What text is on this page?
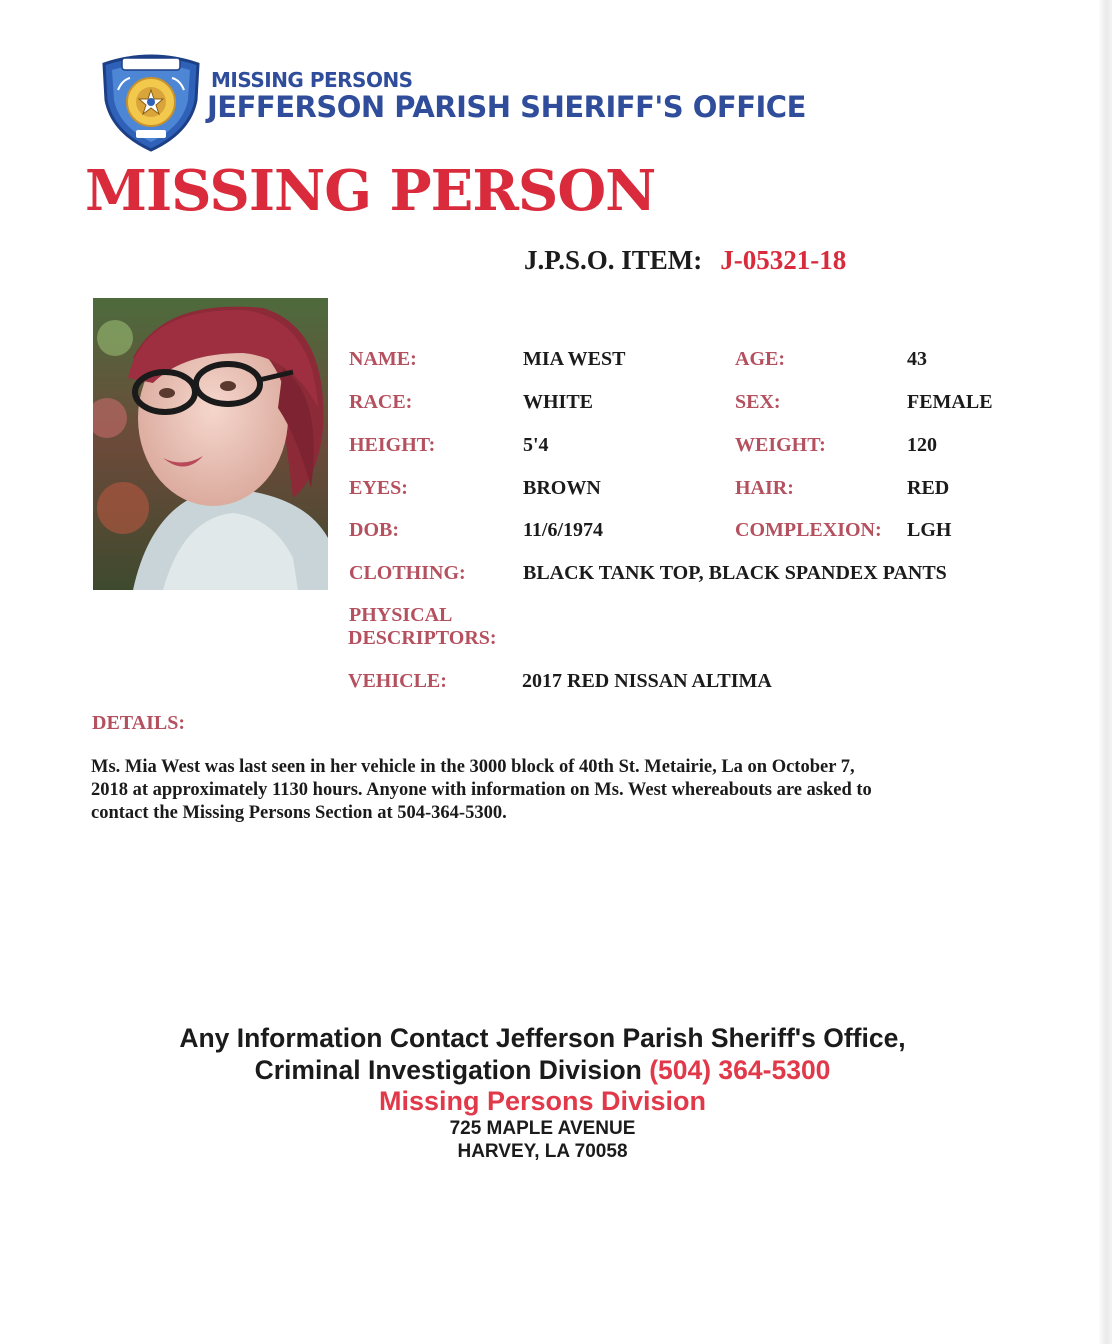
MISSING PERSONS
JEFFERSON PARISH SHERIFF'S OFFICE
MISSING PERSON
J.P.S.O. ITEM: J-05321-18
NAME:	MIA WEST	AGE:	43
RACE:	WHITE	SEX:	FEMALE
HEIGHT:	5'4	WEIGHT:	120
EYES:	BROWN	HAIR:	RED
DOB:	11/6/1974	COMPLEXION: LGH
CLOTHING:	BLACK TANK TOP, BLACK SPANDEX PANTS
PHYSICAL
DESCRIPTORS:
VEHICLE:	2017 RED NISSAN ALTIMA
DETAILS:
Ms. Mia West was last seen in her vehicle in the 3000 block of 40th St. Metairie, La on October 7,
2018 at approximately 1130 hours. Anyone with information on Ms. West whereabouts are asked to
contact the Missing Persons Section at 504-364-5300.
Any Information Contact Jefferson Parish Sheriff's Office,
Criminal Investigation Division (504) 364-5300
Missing Persons Division
725 MAPLE AVENUE
HARVEY, LA 70058
